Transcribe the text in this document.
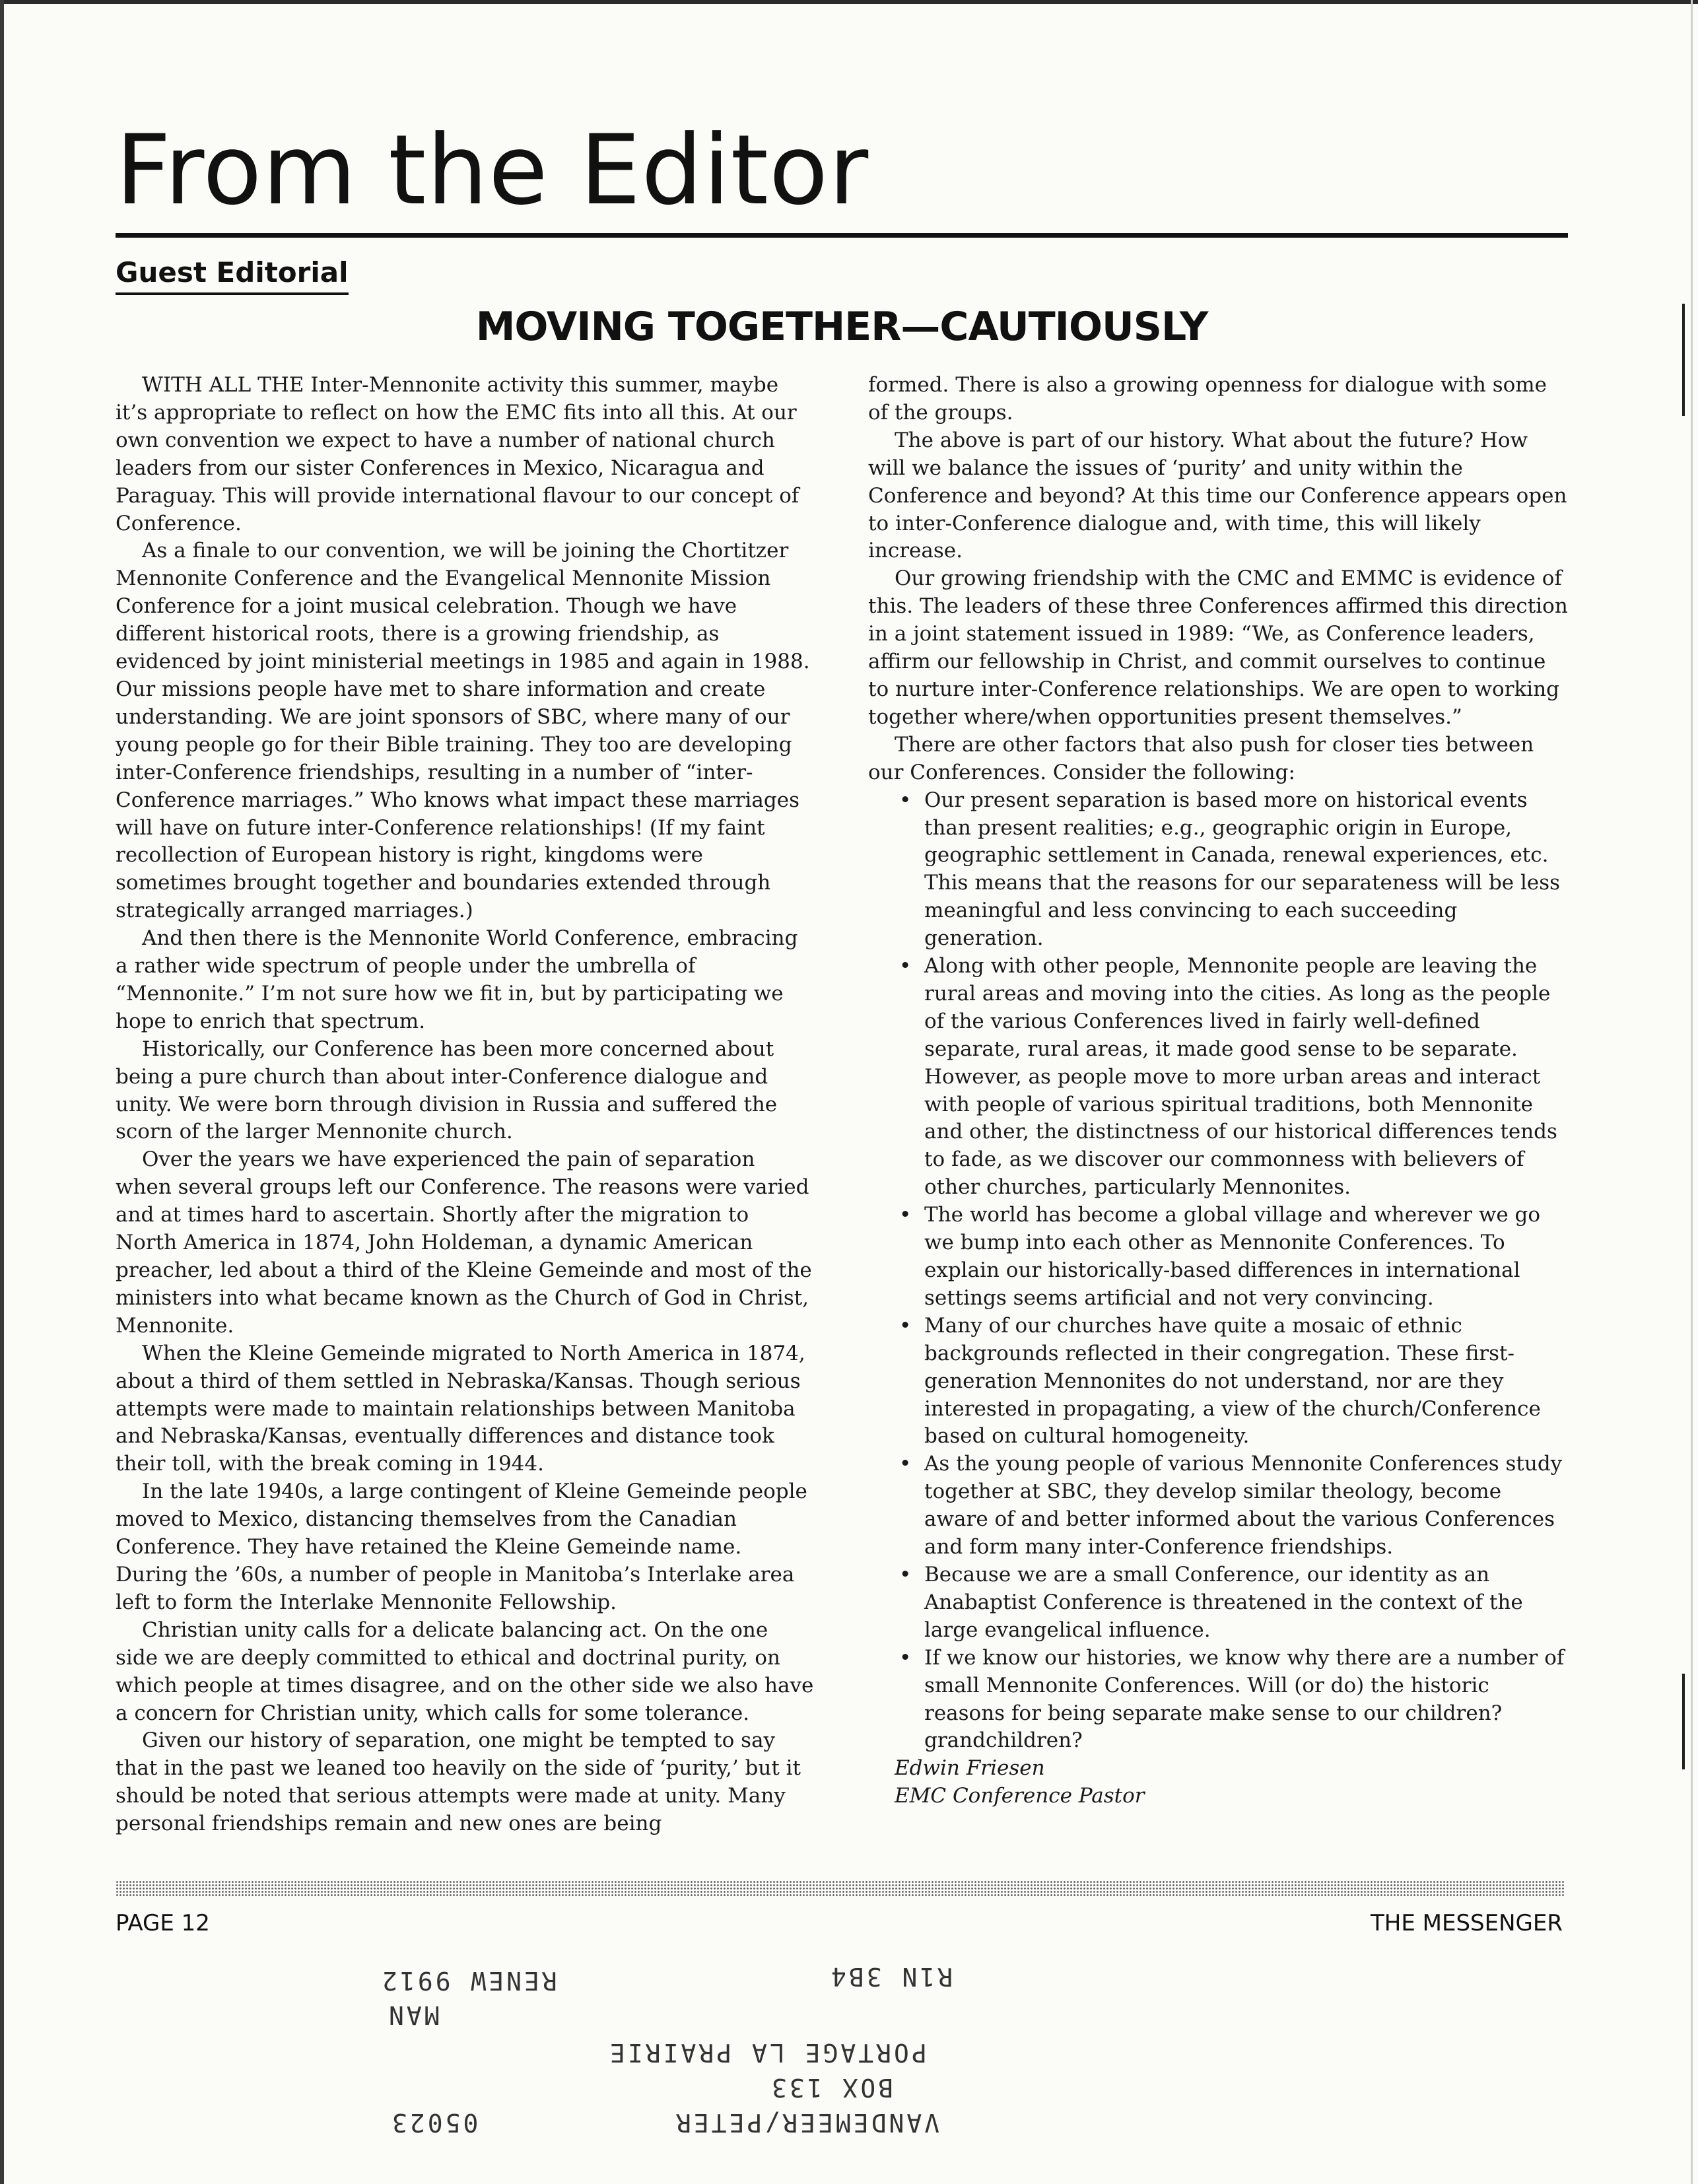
From the Editor
Guest Editorial
MOVING TOGETHER—CAUTIOUSLY

WITH ALL THE Inter-Mennonite activity this summer, maybe it’s appropriate to reflect on how the EMC fits into all this. At our own convention we expect to have a number of national church leaders from our sister Conferences in Mexico, Nicaragua and Paraguay. This will provide international flavour to our concept of Conference.

As a finale to our convention, we will be joining the Chortitzer Mennonite Conference and the Evangelical Mennonite Mission Conference for a joint musical celebration. Though we have different historical roots, there is a growing friendship, as evidenced by joint ministerial meetings in 1985 and again in 1988. Our missions people have met to share information and create understanding. We are joint sponsors of SBC, where many of our young people go for their Bible training. They too are developing inter-Conference friendships, resulting in a number of “inter-Conference marriages.” Who knows what impact these marriages will have on future inter-Conference relationships! (If my faint recollection of European history is right, kingdoms were sometimes brought together and boundaries extended through strategically arranged marriages.)

And then there is the Mennonite World Conference, embracing a rather wide spectrum of people under the umbrella of “Mennonite.” I’m not sure how we fit in, but by participating we hope to enrich that spectrum.

Historically, our Conference has been more concerned about being a pure church than about inter-Conference dialogue and unity. We were born through division in Russia and suffered the scorn of the larger Mennonite church.

Over the years we have experienced the pain of separation when several groups left our Conference. The reasons were varied and at times hard to ascertain. Shortly after the migration to North America in 1874, John Holdeman, a dynamic American preacher, led about a third of the Kleine Gemeinde and most of the ministers into what became known as the Church of God in Christ, Mennonite.

When the Kleine Gemeinde migrated to North America in 1874, about a third of them settled in Nebraska/Kansas. Though serious attempts were made to maintain relationships between Manitoba and Nebraska/Kansas, eventually differences and distance took their toll, with the break coming in 1944.

In the late 1940s, a large contingent of Kleine Gemeinde people moved to Mexico, distancing themselves from the Canadian Conference. They have retained the Kleine Gemeinde name. During the ’60s, a number of people in Manitoba’s Interlake area left to form the Interlake Mennonite Fellowship.

Christian unity calls for a delicate balancing act. On the one side we are deeply committed to ethical and doctrinal purity, on which people at times disagree, and on the other side we also have a concern for Christian unity, which calls for some tolerance.

Given our history of separation, one might be tempted to say that in the past we leaned too heavily on the side of ‘purity,’ but it should be noted that serious attempts were made at unity. Many personal friendships remain and new ones are being

formed. There is also a growing openness for dialogue with some of the groups.

The above is part of our history. What about the future? How will we balance the issues of ‘purity’ and unity within the Conference and beyond? At this time our Conference appears open to inter-Conference dialogue and, with time, this will likely increase.

Our growing friendship with the CMC and EMMC is evidence of this. The leaders of these three Conferences affirmed this direction in a joint statement issued in 1989: “We, as Conference leaders, affirm our fellowship in Christ, and commit ourselves to continue to nurture inter-Conference relationships. We are open to working together where/when opportunities present themselves.”

There are other factors that also push for closer ties between our Conferences. Consider the following:

• Our present separation is based more on historical events than present realities; e.g., geographic origin in Europe, geographic settlement in Canada, renewal experiences, etc. This means that the reasons for our separateness will be less meaningful and less convincing to each succeeding generation.
• Along with other people, Mennonite people are leaving the rural areas and moving into the cities. As long as the people of the various Conferences lived in fairly well-defined separate, rural areas, it made good sense to be separate. However, as people move to more urban areas and interact with people of various spiritual traditions, both Mennonite and other, the distinctness of our historical differences tends to fade, as we discover our commonness with believers of other churches, particularly Mennonites.
• The world has become a global village and wherever we go we bump into each other as Mennonite Conferences. To explain our historically-based differences in international settings seems artificial and not very convincing.
• Many of our churches have quite a mosaic of ethnic backgrounds reflected in their congregation. These first-generation Mennonites do not understand, nor are they interested in propagating, a view of the church/Conference based on cultural homogeneity.
• As the young people of various Mennonite Conferences study together at SBC, they develop similar theology, become aware of and better informed about the various Conferences and form many inter-Conference friendships.
• Because we are a small Conference, our identity as an Anabaptist Conference is threatened in the context of the large evangelical influence.
• If we know our histories, we know why there are a number of small Mennonite Conferences. Will (or do) the historic reasons for being separate make sense to our children? grandchildren?

Edwin Friesen

EMC Conference Pastor

PAGE 12	THE MESSENGER
RENEW 9912
MAN
R1N 3B4
PORTAGE LA PRAIRIE
BOX 133
05023	VANDEMEER/PETER
